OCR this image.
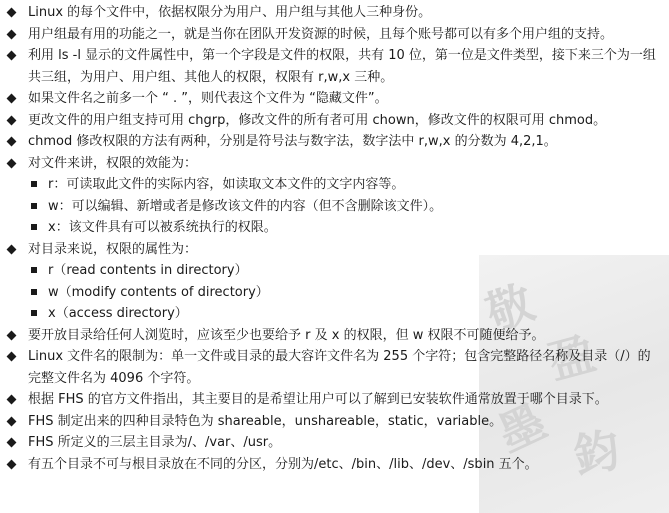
敬
盈
墨 鈞
Linux 的每个文件中，依据权限分为用户、用户组与其他人三种身份。
用户组最有用的功能之一，就是当你在团队开发资源的时候，且每个账号都可以有多个用户组的支持。
利用 ls -l 显示的文件属性中，第一个字段是文件的权限，共有 10 位，第一位是文件类型，接下来三个为一组共三组，为用户、用户组、其他人的权限，权限有 r,w,x 三种。
如果文件名之前多一个 “ . ”，则代表这个文件为 “隐藏文件”。
更改文件的用户组支持可用 chgrp，修改文件的所有者可用 chown，修改文件的权限可用 chmod。
chmod 修改权限的方法有两种，分别是符号法与数字法，数字法中 r,w,x 的分数为 4,2,1。
对文件来讲，权限的效能为：
r：可读取此文件的实际内容，如读取文本文件的文字内容等。
w：可以编辑、新增或者是修改该文件的内容（但不含删除该文件）。
x：该文件具有可以被系统执行的权限。
对目录来说，权限的属性为：
r（read contents in directory）
w（modify contents of directory）
x（access directory）
要开放目录给任何人浏览时，应该至少也要给予 r 及 x 的权限，但 w 权限不可随便给予。
Linux 文件名的限制为：单一文件或目录的最大容许文件名为 255 个字符；包含完整路径名称及目录（/）的完整文件名为 4096 个字符。
根据 FHS 的官方文件指出，其主要目的是希望让用户可以了解到已安装软件通常放置于哪个目录下。
FHS 制定出来的四种目录特色为 shareable，unshareable，static，variable。
FHS 所定义的三层主目录为/、/var、/usr。
有五个目录不可与根目录放在不同的分区，分别为/etc、/bin、/lib、/dev、/sbin 五个。
